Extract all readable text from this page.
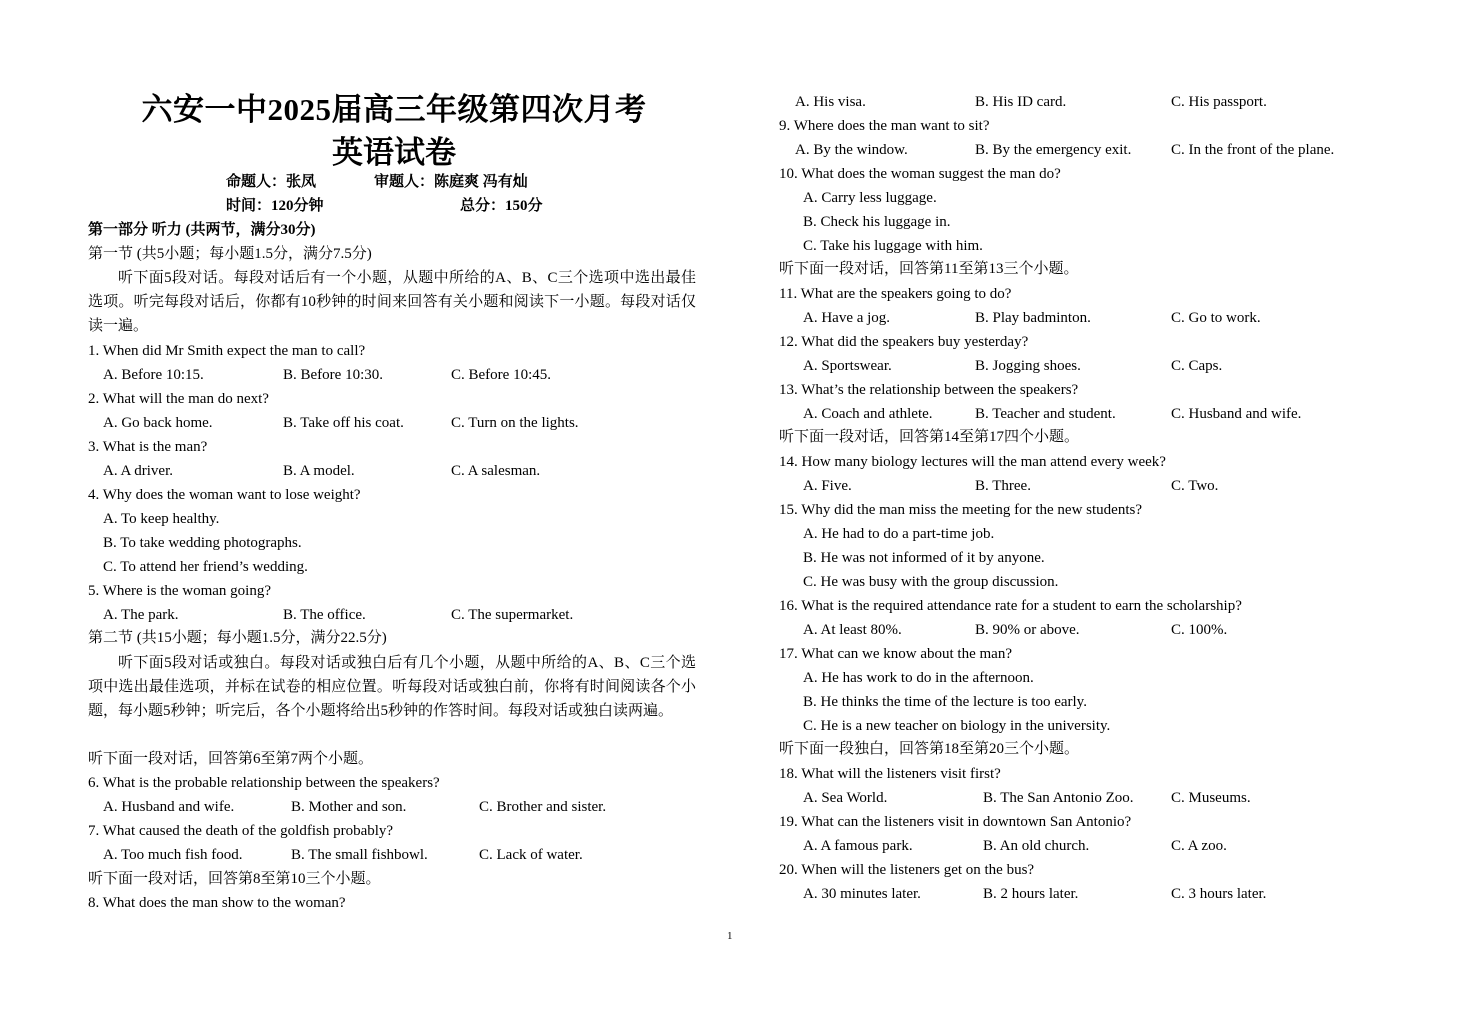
六安一中2025届高三年级第四次月考
英语试卷
命题人：张凤	审题人：陈庭爽 冯有灿
时间：120分钟	总分：150分
第一部分 听力 (共两节，满分30分)
第一节 (共5小题；每小题1.5分，满分7.5分)
听下面5段对话。每段对话后有一个小题，从题中所给的A、B、C三个选项中选出最佳选项。听完每段对话后，你都有10秒钟的时间来回答有关小题和阅读下一小题。每段对话仅读一遍。
1. When did Mr Smith expect the man to call?
A. Before 10:15.	B. Before 10:30.	C. Before 10:45.
2. What will the man do next?
A. Go back home.	B. Take off his coat.	C. Turn on the lights.
3. What is the man?
A. A driver.	B. A model.	C. A salesman.
4. Why does the woman want to lose weight?
A. To keep healthy.
B. To take wedding photographs.
C. To attend her friend’s wedding.
5. Where is the woman going?
A. The park.	B. The office.	C. The supermarket.
第二节 (共15小题；每小题1.5分，满分22.5分)
听下面5段对话或独白。每段对话或独白后有几个小题，从题中所给的A、B、C三个选项中选出最佳选项，并标在试卷的相应位置。听每段对话或独白前，你将有时间阅读各个小题，每小题5秒钟；听完后，各个小题将给出5秒钟的作答时间。每段对话或独白读两遍。
听下面一段对话，回答第6至第7两个小题。
6. What is the probable relationship between the speakers?
A. Husband and wife.	B. Mother and son.	C. Brother and sister.
7. What caused the death of the goldfish probably?
A. Too much fish food.	B. The small fishbowl.	C. Lack of water.
听下面一段对话，回答第8至第10三个小题。
8. What does the man show to the woman?
A. His visa.	B. His ID card.	C. His passport.
9. Where does the man want to sit?
A. By the window.	B. By the emergency exit.	C. In the front of the plane.
10. What does the woman suggest the man do?
A. Carry less luggage.
B. Check his luggage in.
C. Take his luggage with him.
听下面一段对话，回答第11至第13三个小题。
11. What are the speakers going to do?
A. Have a jog.	B. Play badminton.	C. Go to work.
12. What did the speakers buy yesterday?
A. Sportswear.	B. Jogging shoes.	C. Caps.
13. What’s the relationship between the speakers?
A. Coach and athlete.	B. Teacher and student.	C. Husband and wife.
听下面一段对话，回答第14至第17四个小题。
14. How many biology lectures will the man attend every week?
A. Five.	B. Three.	C. Two.
15. Why did the man miss the meeting for the new students?
A. He had to do a part-time job.
B. He was not informed of it by anyone.
C. He was busy with the group discussion.
16. What is the required attendance rate for a student to earn the scholarship?
A. At least 80%.	B. 90% or above.	C. 100%.
17. What can we know about the man?
A. He has work to do in the afternoon.
B. He thinks the time of the lecture is too early.
C. He is a new teacher on biology in the university.
听下面一段独白，回答第18至第20三个小题。
18. What will the listeners visit first?
A. Sea World.	B. The San Antonio Zoo. C. Museums.
19. What can the listeners visit in downtown San Antonio?
A. A famous park.	B. An old church.	C. A zoo.
20. When will the listeners get on the bus?
A. 30 minutes later.	B. 2 hours later.	C. 3 hours later.
1
